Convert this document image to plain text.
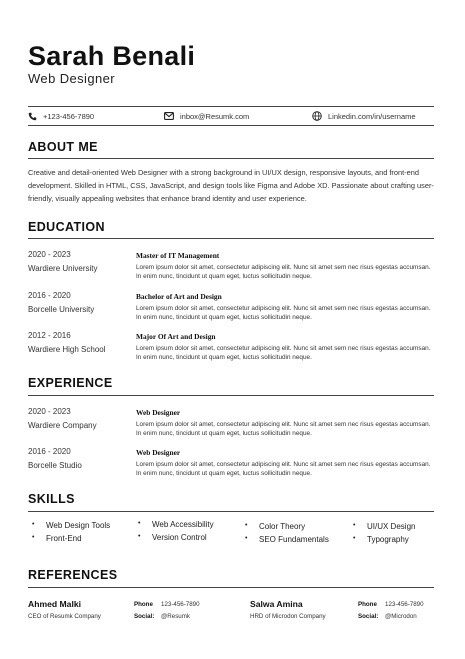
Sarah Benali
Web Designer
+123-456-7890	inbox@Resumk.com	Linkedin.com/in/username
ABOUT ME
Creative and detail-oriented Web Designer with a strong background in UI/UX design, responsive layouts, and front-end development. Skilled in HTML, CSS, JavaScript, and design tools like Figma and Adobe XD. Passionate about crafting user-friendly, visually appealing websites that enhance brand identity and user experience.
EDUCATION
2020 - 2023
Wardiere University
Master of IT Management
Lorem ipsum dolor sit amet, consectetur adipiscing elit. Nunc sit amet sem nec risus egestas accumsan. In enim nunc, tincidunt ut quam eget, luctus sollicitudin neque.
2016 - 2020
Borcelle University
Bachelor of Art and Design
Lorem ipsum dolor sit amet, consectetur adipiscing elit. Nunc sit amet sem nec risus egestas accumsan. In enim nunc, tincidunt ut quam eget, luctus sollicitudin neque.
2012 - 2016
Wardiere High School
Major Of Art and Design
Lorem ipsum dolor sit amet, consectetur adipiscing elit. Nunc sit amet sem nec risus egestas accumsan. In enim nunc, tincidunt ut quam eget, luctus sollicitudin neque.
EXPERIENCE
2020 - 2023
Wardiere Company
Web Designer
Lorem ipsum dolor sit amet, consectetur adipiscing elit. Nunc sit amet sem nec risus egestas accumsan. In enim nunc, tincidunt ut quam eget, luctus sollicitudin neque.
2016 - 2020
Borcelle Studio
Web Designer
Lorem ipsum dolor sit amet, consectetur adipiscing elit. Nunc sit amet sem nec risus egestas accumsan. In enim nunc, tincidunt ut quam eget, luctus sollicitudin neque.
SKILLS
• Web Design Tools
• Front-End
• Web Accessibility
• Version Control
• Color Theory
• SEO Fundamentals
• UI/UX Design
• Typography
REFERENCES
Ahmed Malki
CEO of Resumk Company
Phone 123-456-7890
Social: @Resumk
Salwa Amina
HRD of Microdon Company
Phone 123-456-7890
Social: @Microdon
